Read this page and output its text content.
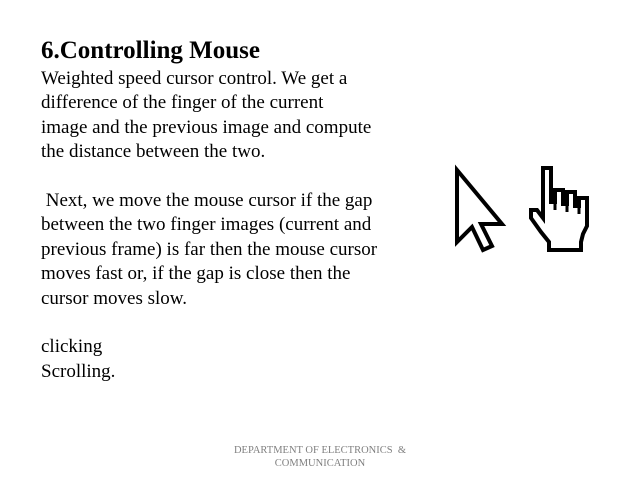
6.Controlling Mouse
Weighted speed cursor control. We get a
difference of the finger of the current
image and the previous image and compute
the distance between the two.
Next, we move the mouse cursor if the gap
between the two finger images (current and
previous frame) is far then the mouse cursor
moves fast or, if the gap is close then the
cursor moves slow.
clicking
Scrolling.
DEPARTMENT OF ELECTRONICS  &
COMMUNICATION
